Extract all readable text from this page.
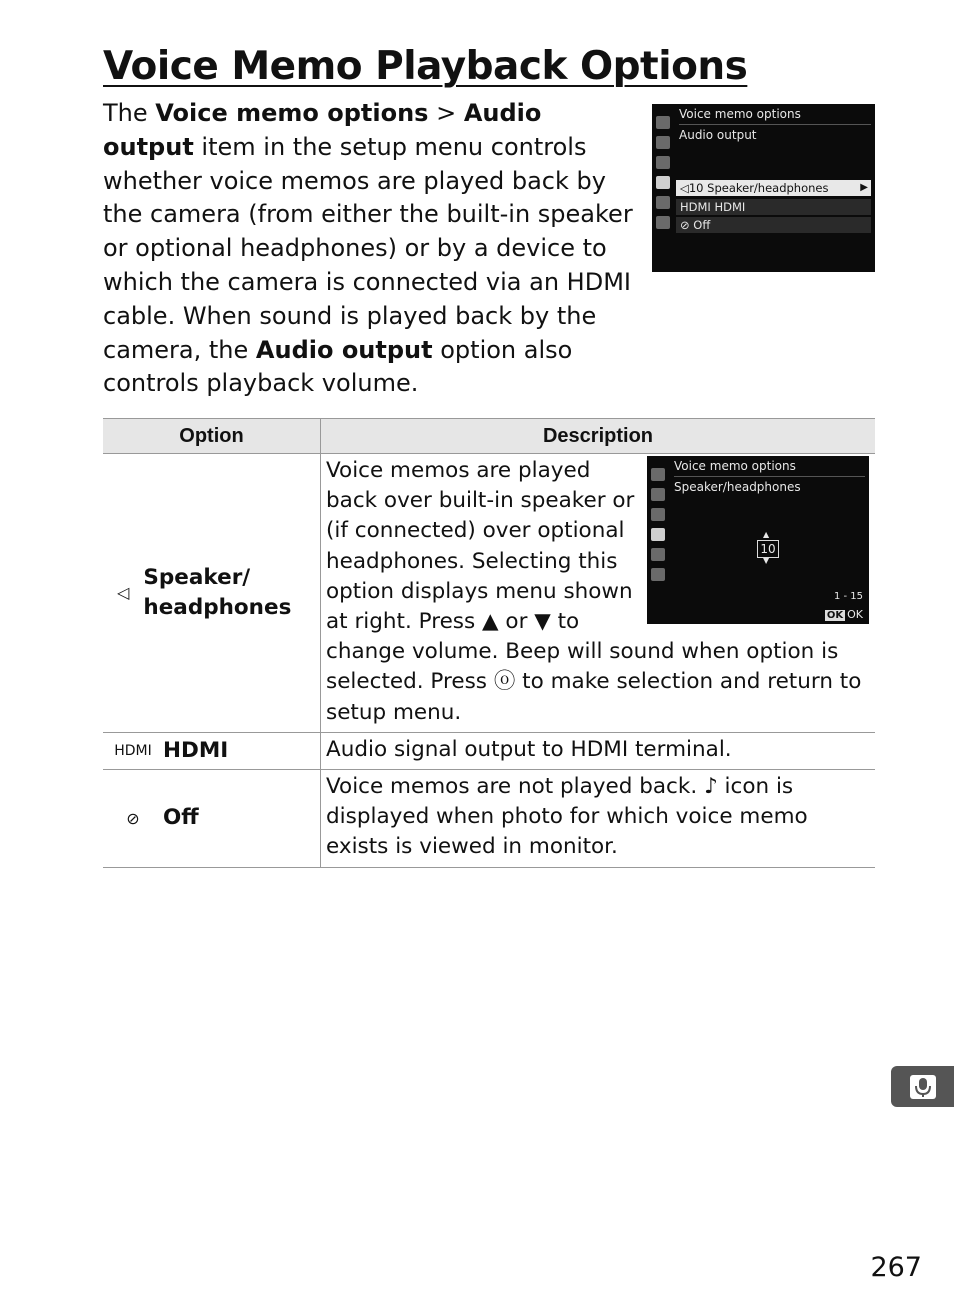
Voice Memo Playback Options
The Voice memo options > Audio output item in the setup menu controls whether voice memos are played back by the camera (from either the built-in speaker or optional headphones) or by a device to which the camera is connected via an HDMI cable. When sound is played back by the camera, the Audio output option also controls playback volume.
Voice memo options
Audio output
◁10 Speaker/headphones	▶
HDMI HDMI
⊘ Off
Option	Description

◁
Speaker/ headphones	Voice memos are played back over built-in speaker or (if connected) over optional headphones. Selecting this option displays menu shown at right. Press ▲ or ▼ to change volume. Beep will sound when option is selected. Press ⓞ to make selection and return to setup menu.

HDMI HDMI	Audio signal output to HDMI terminal.

⊘ Off	Voice memos are not played back. ♪ icon is displayed when photo for which voice memo exists is viewed in monitor.
Voice memo options
Speaker/headphones
▲
10
▼
1 - 15
OK OK
267
